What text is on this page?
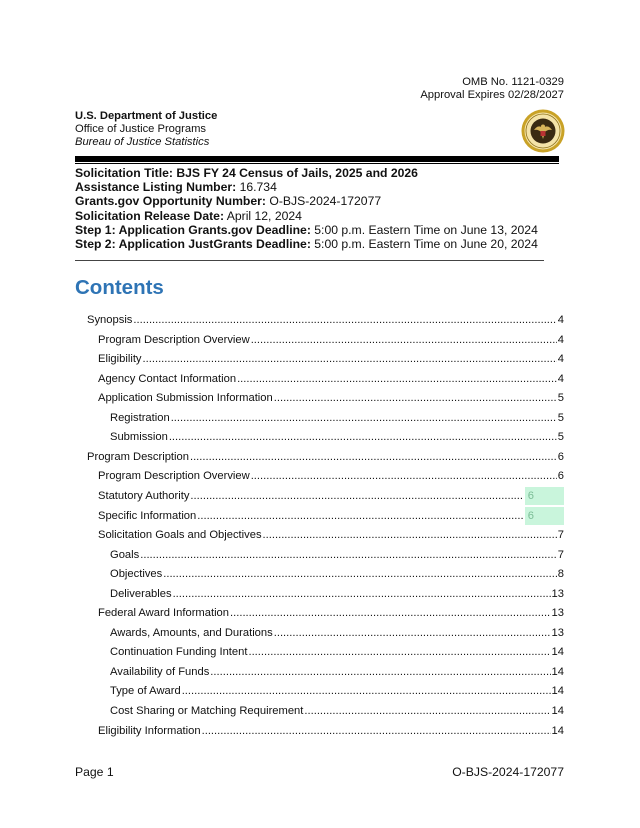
OMB No. 1121-0329
Approval Expires 02/28/2027
U.S. Department of Justice
Office of Justice Programs
Bureau of Justice Statistics
Solicitation Title: BJS FY 24 Census of Jails, 2025 and 2026
Assistance Listing Number: 16.734
Grants.gov Opportunity Number: O-BJS-2024-172077
Solicitation Release Date: April 12, 2024
Step 1: Application Grants.gov Deadline: 5:00 p.m. Eastern Time on June 13, 2024
Step 2: Application JustGrants Deadline: 5:00 p.m. Eastern Time on June 20, 2024
Contents
Synopsis .....	4
Program Description Overview .....	4
Eligibility .....	4
Agency Contact Information .....	4
Application Submission Information .....	5
Registration .....	5
Submission .....	5
Program Description .....	6
Program Description Overview .....	6
Statutory Authority .....	6
Specific Information .....	6
Solicitation Goals and Objectives .....	7
Goals .....	7
Objectives .....	8
Deliverables .....	13
Federal Award Information .....	13
Awards, Amounts, and Durations .....	13
Continuation Funding Intent .....	14
Availability of Funds .....	14
Type of Award .....	14
Cost Sharing or Matching Requirement .....	14
Eligibility Information .....	14
Page 1	O-BJS-2024-172077
